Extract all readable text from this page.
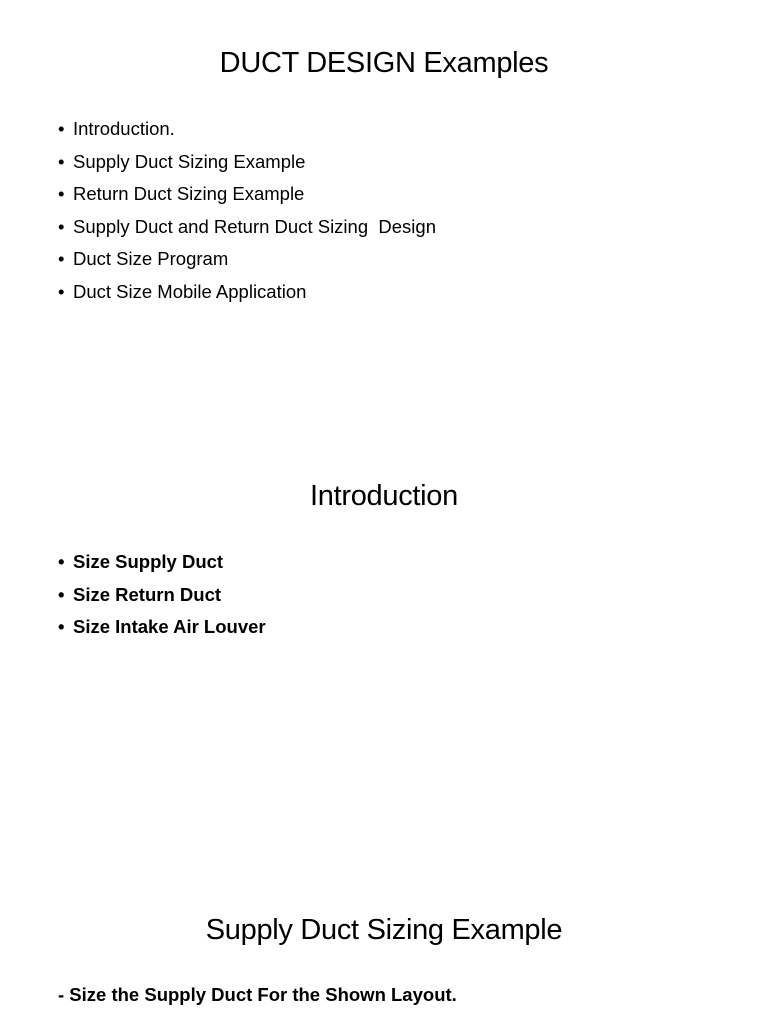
DUCT DESIGN Examples
• Introduction.
• Supply Duct Sizing Example
• Return Duct Sizing Example
• Supply Duct and Return Duct Sizing  Design
• Duct Size Program
• Duct Size Mobile Application
Introduction
• Size Supply Duct
• Size Return Duct
• Size Intake Air Louver
Supply Duct Sizing Example
- Size the Supply Duct For the Shown Layout.
